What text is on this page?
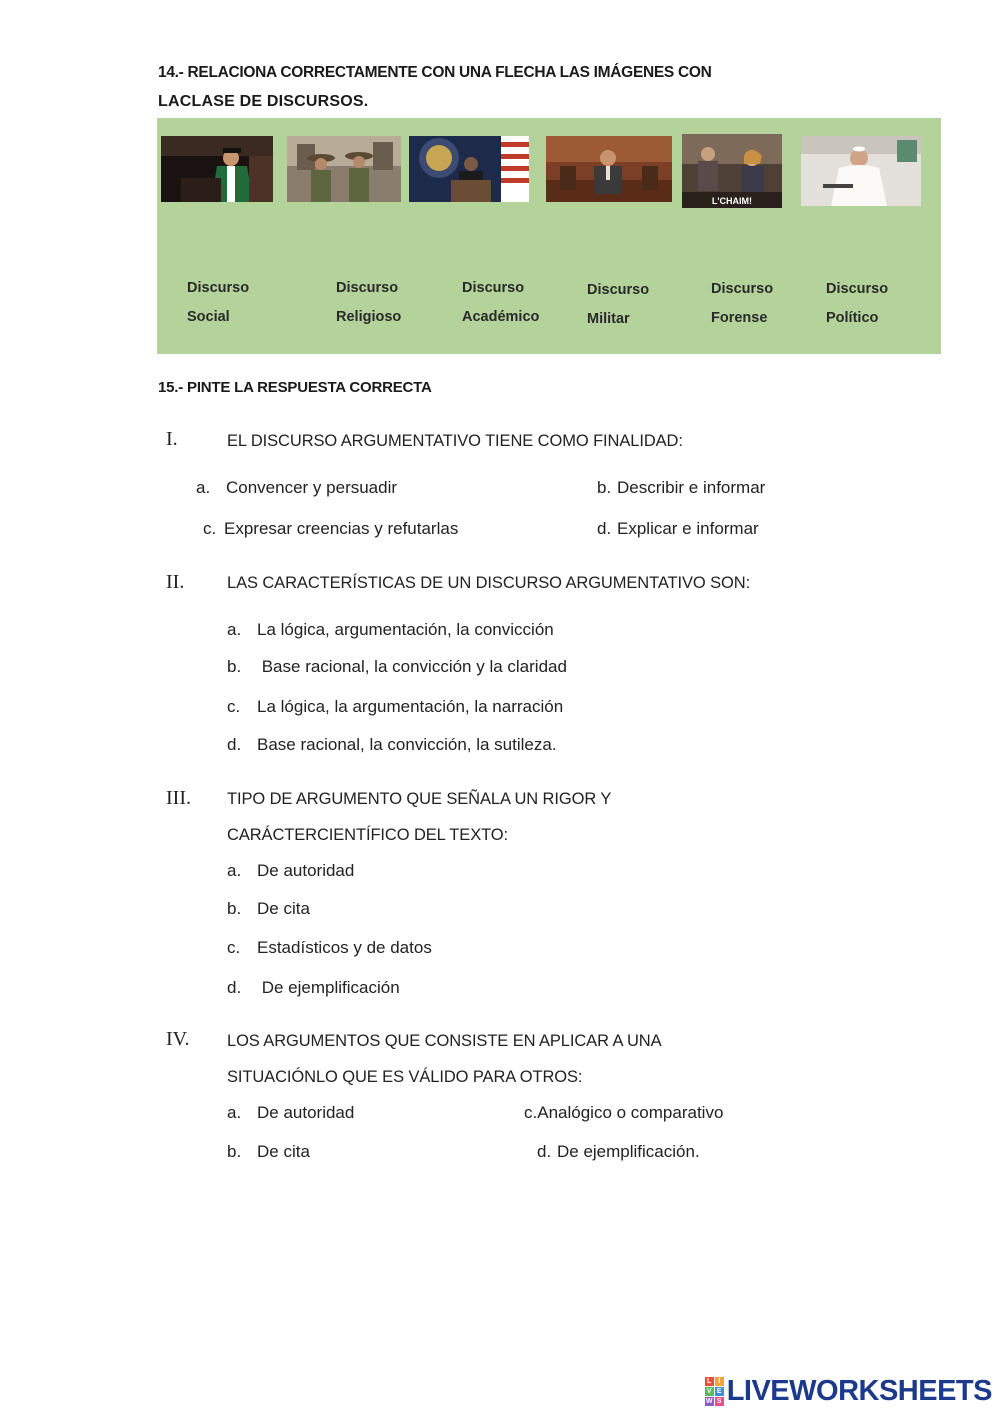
14.- RELACIONA CORRECTAMENTE CON UNA FLECHA LAS IMÁGENES CON
LACLASE DE DISCURSOS.
L'CHAIM!
Discurso
Social
Discurso
Religioso
Discurso
Académico
Discurso
Militar
Discurso
Forense
Discurso
Político
15.- PINTE LA RESPUESTA CORRECTA
I.	EL DISCURSO ARGUMENTATIVO TIENE COMO FINALIDAD:
a. Convencer y persuadir	b. Describir e informar
c. Expresar creencias y refutarlas	d. Explicar e informar
II.	LAS CARACTERÍSTICAS DE UN DISCURSO ARGUMENTATIVO SON:
a. La lógica, argumentación, la convicción
b. Base racional, la convicción y la claridad
c. La lógica, la argumentación, la narración
d. Base racional, la convicción, la sutileza.
III. TIPO DE ARGUMENTO QUE SEÑALA UN RIGOR Y
CARÁCTERCIENTÍFICO DEL TEXTO:
a. De autoridad
b. De cita
c. Estadísticos y de datos
d. De ejemplificación
IV. LOS ARGUMENTOS QUE CONSISTE EN APLICAR A UNA
SITUACIÓNLO QUE ES VÁLIDO PARA OTROS:
a. De autoridad	c.Analógico o comparativo
b. De cita	d. De ejemplificación.
L I
V E
W S LIVEWORKSHEETS
